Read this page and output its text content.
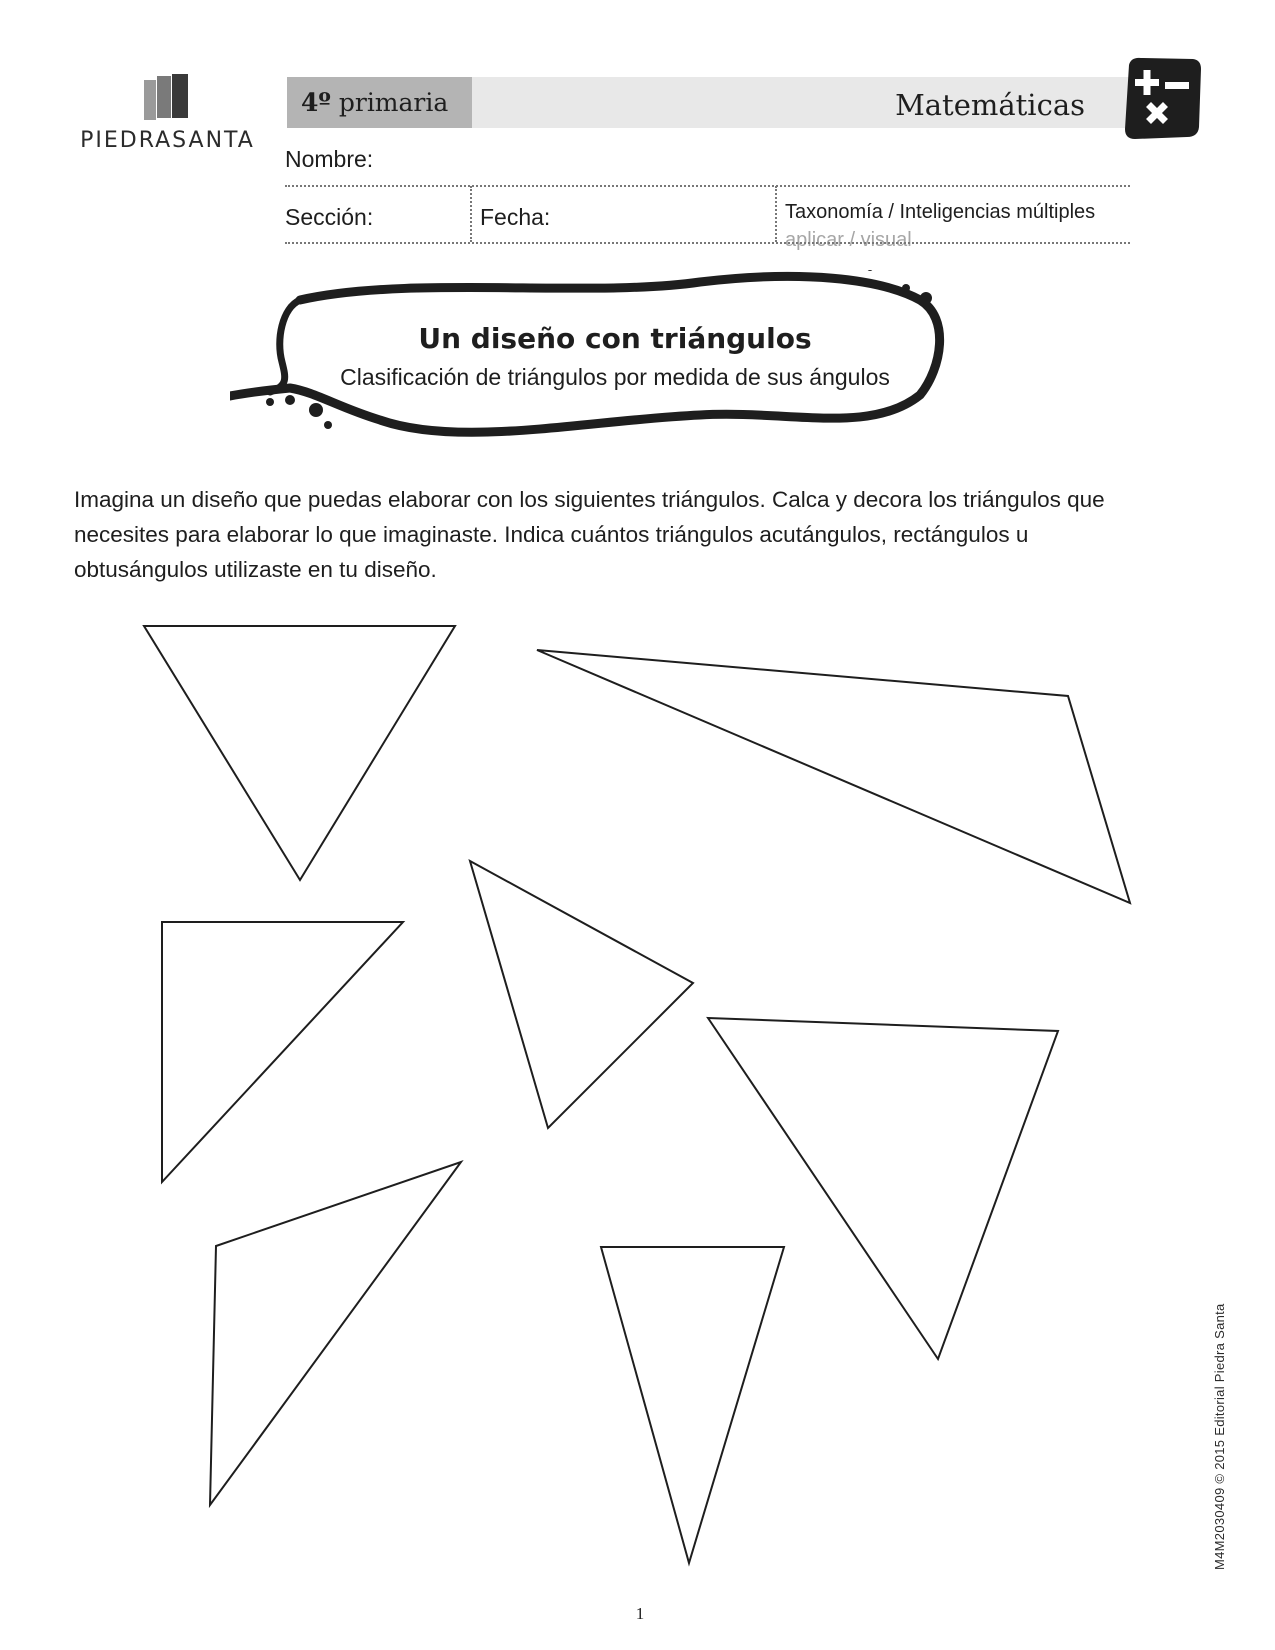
PIEDRASANTA
4º primaria	Matemáticas
Nombre:
Sección:	Fecha:	Taxonomía / Inteligencias múltiples
aplicar / visual
Un diseño con triángulos
Clasificación de triángulos por medida de sus ángulos
Imagina un diseño que puedas elaborar con los siguientes triángulos. Calca y decora los triángulos que necesites para elaborar lo que imaginaste. Indica cuántos triángulos acutángulos, rectángulos u obtusángulos utilizaste en tu diseño.
1
M4M2030409 © 2015 Editorial Piedra Santa
